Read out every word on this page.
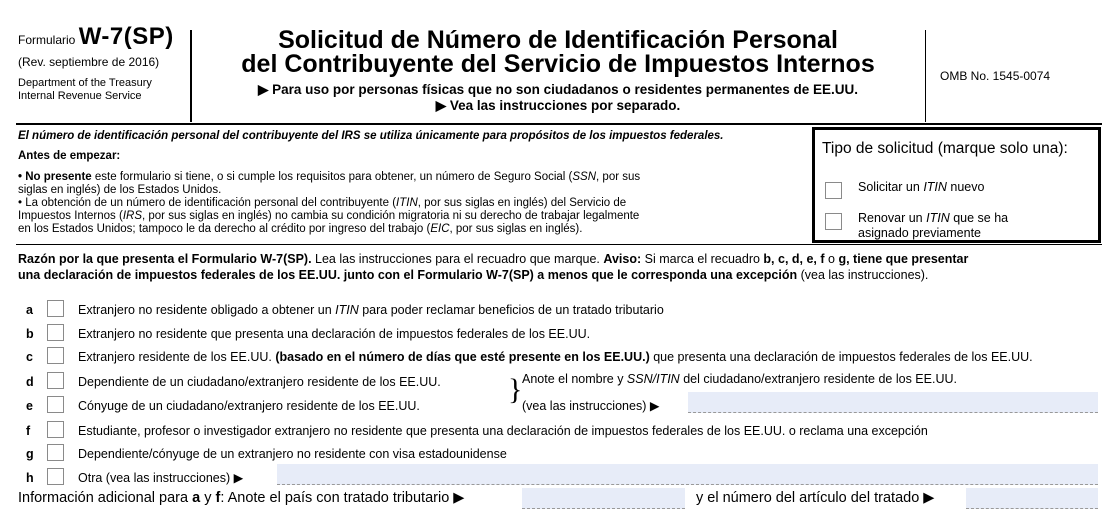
Formulario W-7(SP)
(Rev. septiembre de 2016)
Department of the Treasury
Internal Revenue Service
Solicitud de Número de Identificación Personal
del Contribuyente del Servicio de Impuestos Internos
▶ Para uso por personas físicas que no son ciudadanos o residentes permanentes de EE.UU.
▶ Vea las instrucciones por separado.
OMB No. 1545-0074
El número de identificación personal del contribuyente del IRS se utiliza únicamente para propósitos de los impuestos federales.
Antes de empezar:
• No presente este formulario si tiene, o si cumple los requisitos para obtener, un número de Seguro Social (SSN, por sus
siglas en inglés) de los Estados Unidos.
• La obtención de un número de identificación personal del contribuyente (ITIN, por sus siglas en inglés) del Servicio de
Impuestos Internos (IRS, por sus siglas en inglés) no cambia su condición migratoria ni su derecho de trabajar legalmente
en los Estados Unidos; tampoco le da derecho al crédito por ingreso del trabajo (EIC, por sus siglas en inglés).
Tipo de solicitud (marque solo una):
Solicitar un ITIN nuevo
Renovar un ITIN que se ha
asignado previamente
Razón por la que presenta el Formulario W-7(SP). Lea las instrucciones para el recuadro que marque. Aviso: Si marca el recuadro b, c, d, e, f o g, tiene que presentar
una declaración de impuestos federales de los EE.UU. junto con el Formulario W-7(SP) a menos que le corresponda una excepción (vea las instrucciones).
a	Extranjero no residente obligado a obtener un ITIN para poder reclamar beneficios de un tratado tributario
b	Extranjero no residente que presenta una declaración de impuestos federales de los EE.UU.
c	Extranjero residente de los EE.UU. (basado en el número de días que esté presente en los EE.UU.) que presenta una declaración de impuestos federales de los EE.UU.
d	Dependiente de un ciudadano/extranjero residente de los EE.UU.
e	Cónyuge de un ciudadano/extranjero residente de los EE.UU.	} Anote el nombre y SSN/ITIN del ciudadano/extranjero residente de los EE.UU.
(vea las instrucciones) ▶
f	Estudiante, profesor o investigador extranjero no residente que presenta una declaración de impuestos federales de los EE.UU. o reclama una excepción
g	Dependiente/cónyuge de un extranjero no residente con visa estadounidense
h	Otra (vea las instrucciones) ▶
Información adicional para a y f: Anote el país con tratado tributario ▶	y el número del artículo del tratado ▶
